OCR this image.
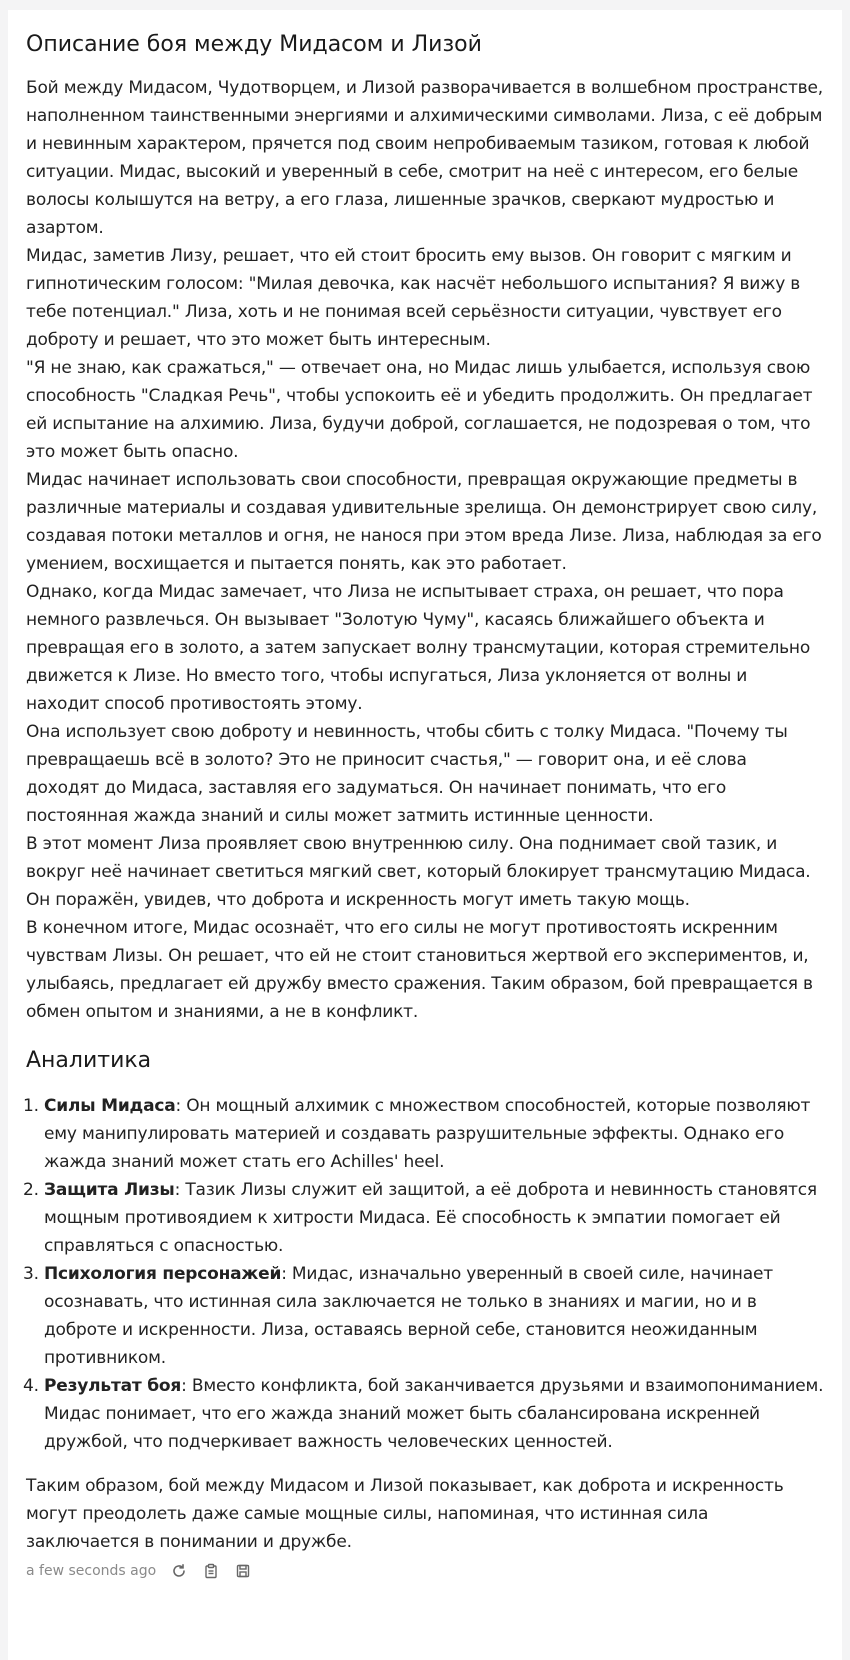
Описание боя между Мидасом и Лизой

Бой между Мидасом, Чудотворцем, и Лизой разворачивается в волшебном пространстве, наполненном таинственными энергиями и алхимическими символами. Лиза, с её добрым и невинным характером, прячется под своим непробиваемым тазиком, готовая к любой ситуации. Мидас, высокий и уверенный в себе, смотрит на неё с интересом, его белые волосы колышутся на ветру, а его глаза, лишенные зрачков, сверкают мудростью и азартом.

Мидас, заметив Лизу, решает, что ей стоит бросить ему вызов. Он говорит с мягким и гипнотическим голосом: "Милая девочка, как насчёт небольшого испытания? Я вижу в тебе потенциал." Лиза, хоть и не понимая всей серьёзности ситуации, чувствует его доброту и решает, что это может быть интересным.

"Я не знаю, как сражаться," — отвечает она, но Мидас лишь улыбается, используя свою способность "Сладкая Речь", чтобы успокоить её и убедить продолжить. Он предлагает ей испытание на алхимию. Лиза, будучи доброй, соглашается, не подозревая о том, что это может быть опасно.

Мидас начинает использовать свои способности, превращая окружающие предметы в различные материалы и создавая удивительные зрелища. Он демонстрирует свою силу, создавая потоки металлов и огня, не нанося при этом вреда Лизе. Лиза, наблюдая за его умением, восхищается и пытается понять, как это работает.

Однако, когда Мидас замечает, что Лиза не испытывает страха, он решает, что пора немного развлечься. Он вызывает "Золотую Чуму", касаясь ближайшего объекта и превращая его в золото, а затем запускает волну трансмутации, которая стремительно движется к Лизе. Но вместо того, чтобы испугаться, Лиза уклоняется от волны и находит способ противостоять этому.

Она использует свою доброту и невинность, чтобы сбить с толку Мидаса. "Почему ты превращаешь всё в золото? Это не приносит счастья," — говорит она, и её слова доходят до Мидаса, заставляя его задуматься. Он начинает понимать, что его постоянная жажда знаний и силы может затмить истинные ценности.

В этот момент Лиза проявляет свою внутреннюю силу. Она поднимает свой тазик, и вокруг неё начинает светиться мягкий свет, который блокирует трансмутацию Мидаса. Он поражён, увидев, что доброта и искренность могут иметь такую мощь.

В конечном итоге, Мидас осознаёт, что его силы не могут противостоять искренним чувствам Лизы. Он решает, что ей не стоит становиться жертвой его экспериментов, и, улыбаясь, предлагает ей дружбу вместо сражения. Таким образом, бой превращается в обмен опытом и знаниями, а не в конфликт.

Аналитика
1. Силы Мидаса: Он мощный алхимик с множеством способностей, которые позволяют ему манипулировать материей и создавать разрушительные эффекты. Однако его жажда знаний может стать его Achilles' heel.
2. Защита Лизы: Тазик Лизы служит ей защитой, а её доброта и невинность становятся мощным противоядием к хитрости Мидаса. Её способность к эмпатии помогает ей справляться с опасностью.
3. Психология персонажей: Мидас, изначально уверенный в своей силе, начинает осознавать, что истинная сила заключается не только в знаниях и магии, но и в доброте и искренности. Лиза, оставаясь верной себе, становится неожиданным противником.
4. Результат боя: Вместо конфликта, бой заканчивается друзьями и взаимопониманием. Мидас понимает, что его жажда знаний может быть сбалансирована искренней дружбой, что подчеркивает важность человеческих ценностей.

Таким образом, бой между Мидасом и Лизой показывает, как доброта и искренность могут преодолеть даже самые мощные силы, напоминая, что истинная сила заключается в понимании и дружбе.

a few seconds ago
